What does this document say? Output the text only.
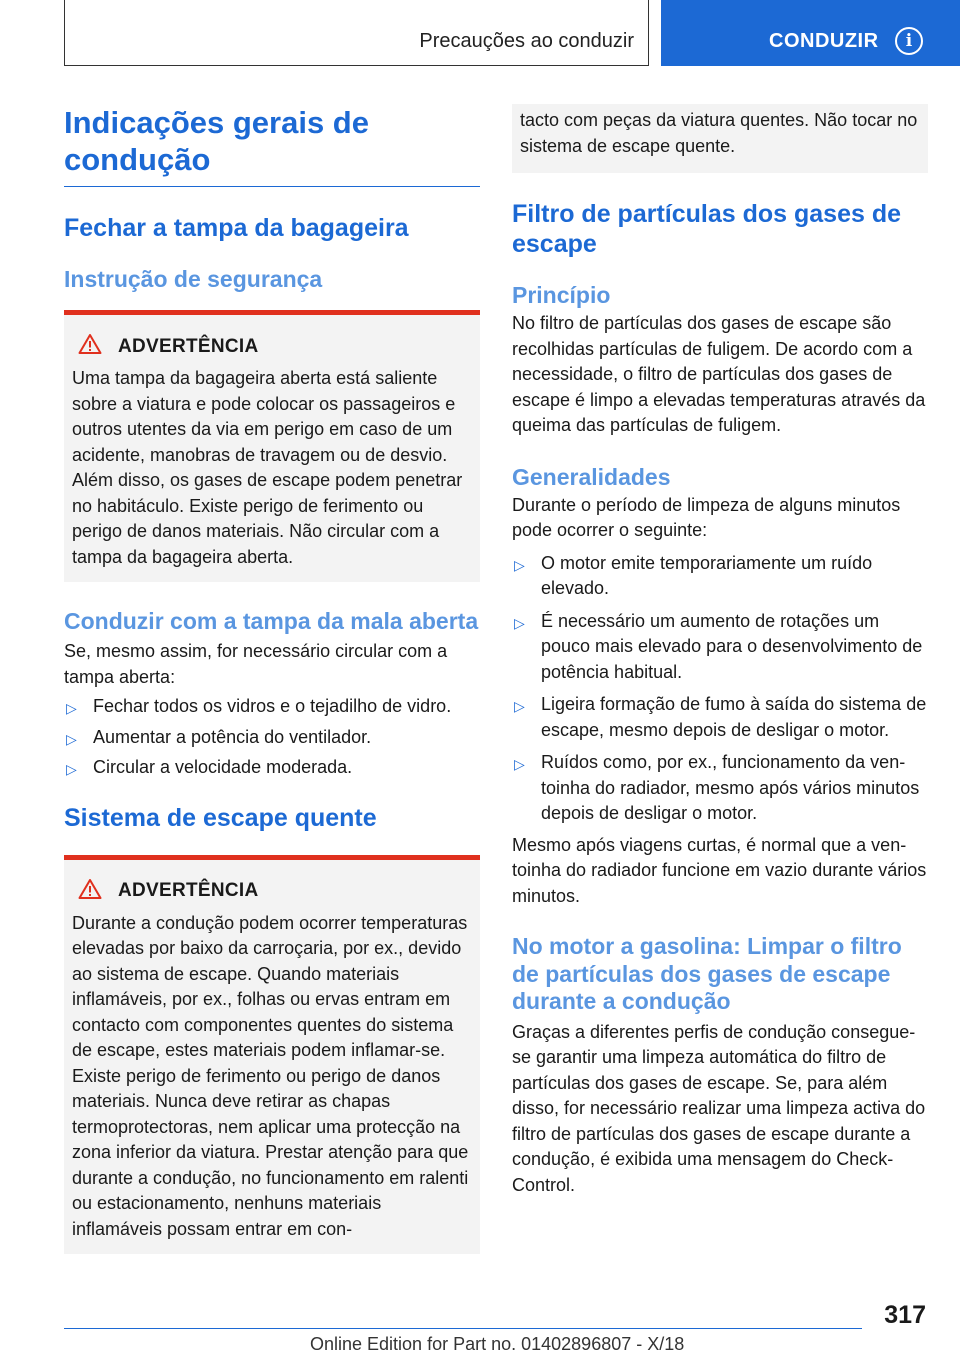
Precauções ao conduzir	CONDUZIR	i
Indicações gerais de condução
Fechar a tampa da bagageira
Instrução de segurança
ADVERTÊNCIA

Uma tampa da bagageira aberta está saliente sobre a viatura e pode colocar os passageiros e outros utentes da via em perigo em caso de um acidente, manobras de travagem ou de desvio. Além disso, os gases de escape podem penetrar no habitáculo. Existe perigo de ferimento ou perigo de danos materiais. Não circular com a tampa da bagageira aberta.

Conduzir com a tampa da mala aberta

Se, mesmo assim, for necessário circular com a tampa aberta:

▷ Fechar todos os vidros e o tejadilho de vidro.
▷ Aumentar a potência do ventilador.
▷ Circular a velocidade moderada.
Sistema de escape quente
ADVERTÊNCIA

Durante a condução podem ocorrer temperaturas elevadas por baixo da carroçaria, por ex., devido ao sistema de escape. Quando materiais inflamáveis, por ex., folhas ou ervas entram em contacto com componentes quentes do sistema de escape, estes materiais podem inflamar-se. Existe perigo de ferimento ou perigo de danos materiais. Nunca deve retirar as chapas termoprotectoras, nem aplicar uma protecção na zona inferior da viatura. Prestar atenção para que durante a condução, no funcionamento em ralenti ou estacionamento, nenhuns materiais inflamáveis possam entrar em con-

tacto com peças da viatura quentes. Não tocar no sistema de escape quente.

Filtro de partículas dos gases de escape
Princípio

No filtro de partículas dos gases de escape são recolhidas partículas de fuligem. De acordo com a necessidade, o filtro de partículas dos gases de escape é limpo a elevadas temperaturas através da queima das partículas de fuligem.

Generalidades

Durante o período de limpeza de alguns minutos pode ocorrer o seguinte:

▷ O motor emite temporariamente um ruído elevado.
▷ É necessário um aumento de rotações um pouco mais elevado para o desenvolvimento de potência habitual.
▷ Ligeira formação de fumo à saída do sistema de escape, mesmo depois de desligar o motor.
▷ Ruídos como, por ex., funcionamento da ventoinha do radiador, mesmo após vários minutos depois de desligar o motor.

Mesmo após viagens curtas, é normal que a ventoinha do radiador funcione em vazio durante vários minutos.

No motor a gasolina: Limpar o filtro de partículas dos gases de escape durante a condução

Graças a diferentes perfis de condução consegue-se garantir uma limpeza automática do filtro de partículas dos gases de escape. Se, para além disso, for necessário realizar uma limpeza activa do filtro de partículas dos gases de escape durante a condução, é exibida uma mensagem do Check-Control.

317
Online Edition for Part no. 01402896807 - X/18
